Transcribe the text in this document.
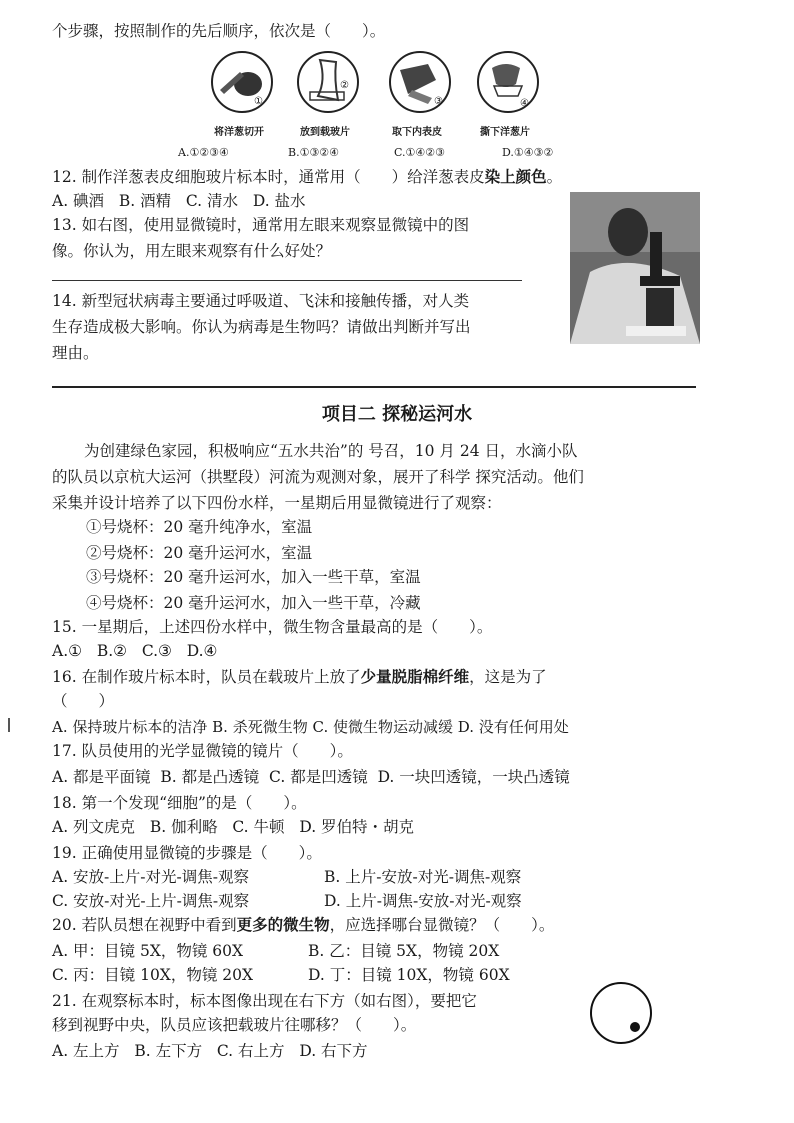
个步骤，按照制作的先后顺序，依次是（　　）。
①
②
③	④
将洋葱切开	放到载玻片	取下内表皮	撕下洋葱片
A.①②③④	B.①③②④	C.①④②③	D.①④③②
12. 制作洋葱表皮细胞玻片标本时，通常用（　　）给洋葱表皮染上颜色。
A. 碘酒 B. 酒精 C. 清水 D. 盐水
13. 如右图，使用显微镜时，通常用左眼来观察显微镜中的图
像。你认为，用左眼来观察有什么好处？
14. 新型冠状病毒主要通过呼吸道、飞沫和接触传播，对人类
生存造成极大影响。你认为病毒是生物吗？请做出判断并写出
理由。
项目二 探秘运河水
为创建绿色家园，积极响应“五水共治”的 号召，10 月 24 日，水滴小队
的队员以京杭大运河（拱墅段）河流为观测对象，展开了科学 探究活动。他们
采集并设计培养了以下四份水样，一星期后用显微镜进行了观察：
①号烧杯：20 毫升纯净水，室温
②号烧杯：20 毫升运河水，室温
③号烧杯：20 毫升运河水，加入一些干草，室温
④号烧杯：20 毫升运河水，加入一些干草，冷藏
15. 一星期后，上述四份水样中，微生物含量最高的是（　　）。
A.① B.② C.③ D.④
16. 在制作玻片标本时，队员在载玻片上放了少量脱脂棉纤维，这是为了
（　　）
A. 保持玻片标本的洁净 B. 杀死微生物 C. 使微生物运动减缓 D. 没有任何用处
17. 队员使用的光学显微镜的镜片（　　）。
A. 都是平面镜 B. 都是凸透镜 C. 都是凹透镜 D. 一块凹透镜，一块凸透镜
18. 第一个发现“细胞”的是（　　）。
A. 列文虎克 B. 伽利略 C. 牛顿 D. 罗伯特・胡克
19. 正确使用显微镜的步骤是（　　）。
A. 安放-上片-对光-调焦-观察	B. 上片-安放-对光-调焦-观察
C. 安放-对光-上片-调焦-观察	D. 上片-调焦-安放-对光-观察
20. 若队员想在视野中看到更多的微生物，应选择哪台显微镜？（　　）。
A. 甲：目镜 5X，物镜 60X	B. 乙：目镜 5X，物镜 20X
C. 丙：目镜 10X，物镜 20X	D. 丁：目镜 10X，物镜 60X
21. 在观察标本时，标本图像出现在右下方（如右图），要把它
移到视野中央，队员应该把载玻片往哪移？（　　）。
A. 左上方 B. 左下方 C. 右上方 D. 右下方
